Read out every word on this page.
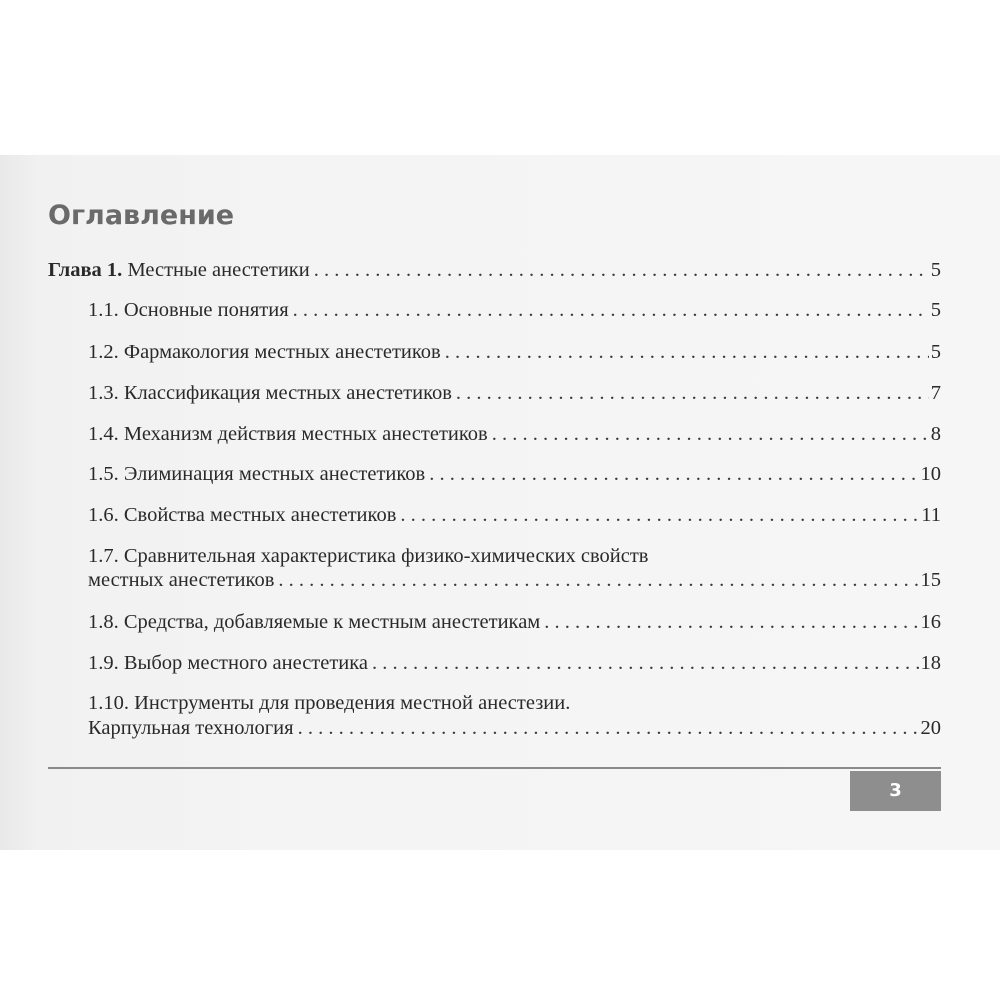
Оглавление
Глава 1. Местные анестетики . . .	5
1.1. Основные понятия . . .	5
1.2. Фармакология местных анестетиков . . .	5
1.3. Классификация местных анестетиков . . .	7
1.4. Механизм действия местных анестетиков . . .	8
1.5. Элиминация местных анестетиков . . .	10
1.6. Свойства местных анестетиков . . .	11
1.7. Сравнительная характеристика физико-химических свойств
местных анестетиков . . .	15
1.8. Средства, добавляемые к местным анестетикам . . .	16
1.9. Выбор местного анестетика . . .	18
1.10. Инструменты для проведения местной анестезии.
Карпульная технология . . .	20
3
